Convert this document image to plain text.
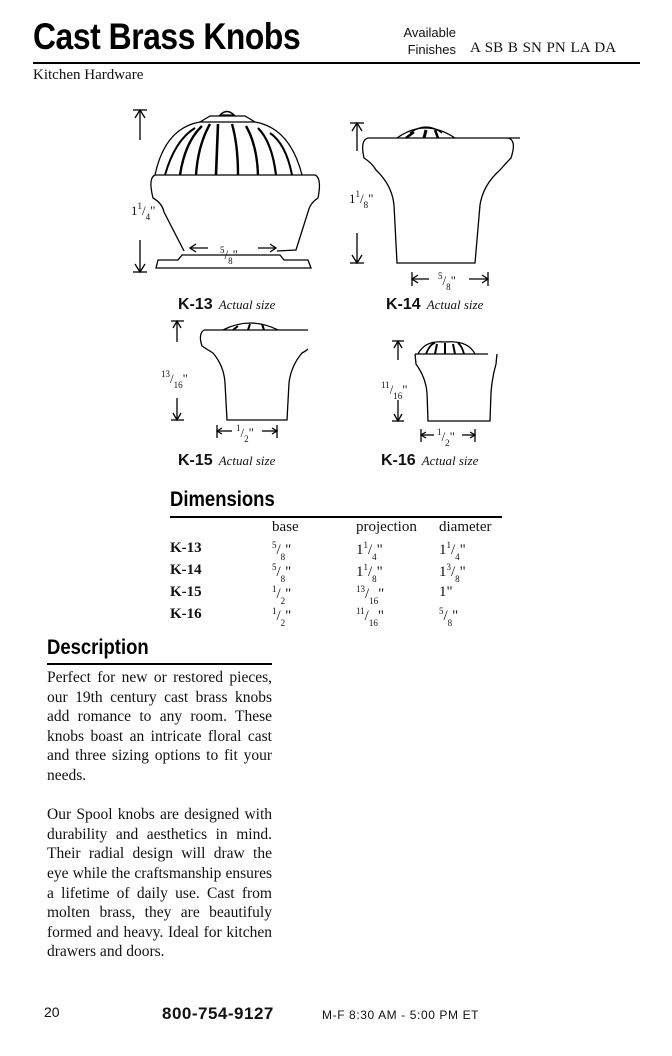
Cast Brass Knobs	Available
Finishes A SB B SN PN LA DA
Kitchen Hardware
$1^1/_4$"
$^5/_8$"
K-13 Actual size
$1^1/_8$"
$^5/_8$"
K-14 Actual size
$^{13}/_{16}$"
$^1/_2$"
K-15 Actual size
$^{11}/_{16}$"
$^1/_2$"
K-16 Actual size
Dimensions
	base	projection	diameter
K-13	$^5/_8$"	$1^1/_4$"	$1^1/_4$"
K-14	$^5/_8$"	$1^1/_8$"	$1^3/_8$"
K-15	$^1/_2$"	$^{13}/_{16}$"	1"
K-16	$^1/_2$"	$^{11}/_{16}$"	$^5/_8$"
Description

Perfect for new or restored pieces, our 19th century cast brass knobs add romance to any room. These knobs boast an intricate floral cast and three sizing options to fit your needs.

Our Spool knobs are designed with durability and aesthetics in mind. Their radial design will draw the eye while the craftsmanship ensures a lifetime of daily use. Cast from molten brass, they are beautifuly formed and heavy. Ideal for kitchen drawers and doors.

20	800-754-9127	M-F 8:30 AM - 5:00 PM ET
